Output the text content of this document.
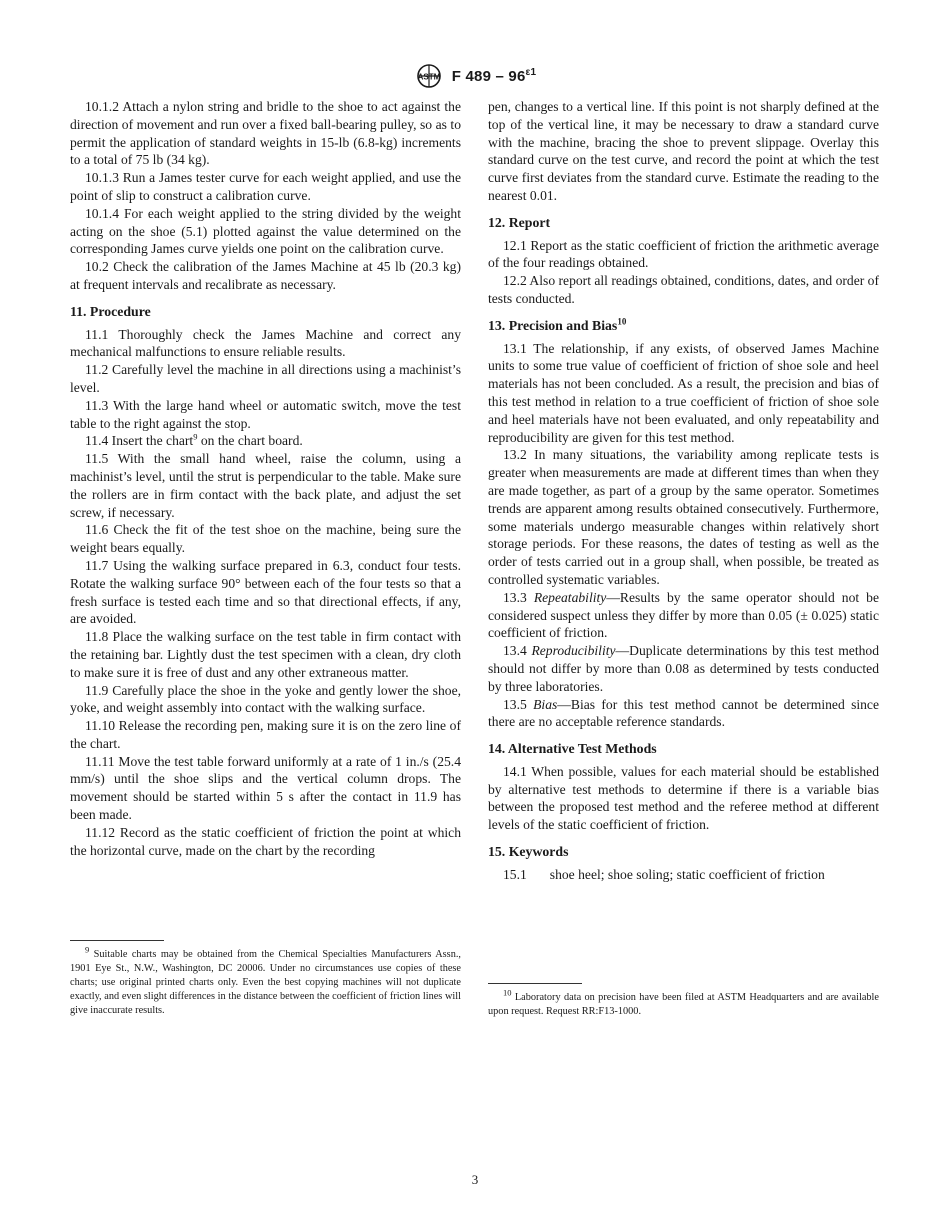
ASTM F $489 - 96^{\varepsilon 1}$

10.1.2 Attach a nylon string and bridle to the shoe to act against the direction of movement and run over a fixed ball-bearing pulley, so as to permit the application of standard weights in 15-lb (6.8-kg) increments to a total of 75 lb (34 kg).

10.1.3 Run a James tester curve for each weight applied, and use the point of slip to construct a calibration curve.

10.1.4 For each weight applied to the string divided by the weight acting on the shoe (5.1) plotted against the value determined on the corresponding James curve yields one point on the calibration curve.

10.2 Check the calibration of the James Machine at 45 lb (20.3 kg) at frequent intervals and recalibrate as necessary.

11. Procedure

11.1 Thoroughly check the James Machine and correct any mechanical malfunctions to ensure reliable results.

11.2 Carefully level the machine in all directions using a machinist’s level.

11.3 With the large hand wheel or automatic switch, move the test table to the right against the stop.

11.4 Insert the chart$^9$ on the chart board.

11.5 With the small hand wheel, raise the column, using a machinist’s level, until the strut is perpendicular to the table. Make sure the rollers are in firm contact with the back plate, and adjust the set screw, if necessary.

11.6 Check the fit of the test shoe on the machine, being sure the weight bears equally.

11.7 Using the walking surface prepared in 6.3, conduct four tests. Rotate the walking surface 90° between each of the four tests so that a fresh surface is tested each time and so that directional effects, if any, are avoided.

11.8 Place the walking surface on the test table in firm contact with the retaining bar. Lightly dust the test specimen with a clean, dry cloth to make sure it is free of dust and any other extraneous matter.

11.9 Carefully place the shoe in the yoke and gently lower the shoe, yoke, and weight assembly into contact with the walking surface.

11.10 Release the recording pen, making sure it is on the zero line of the chart.

11.11 Move the test table forward uniformly at a rate of 1 in./s (25.4 mm/s) until the shoe slips and the vertical column drops. The movement should be started within 5 s after the contact in 11.9 has been made.

11.12 Record as the static coefficient of friction the point at which the horizontal curve, made on the chart by the recording

pen, changes to a vertical line. If this point is not sharply defined at the top of the vertical line, it may be necessary to draw a standard curve with the machine, bracing the shoe to prevent slippage. Overlay this standard curve on the test curve, and record the point at which the test curve first deviates from the standard curve. Estimate the reading to the nearest 0.01.

12. Report

12.1 Report as the static coefficient of friction the arithmetic average of the four readings obtained.

12.2 Also report all readings obtained, conditions, dates, and order of tests conducted.

13. Precision and Bias$^{10}$

13.1 The relationship, if any exists, of observed James Machine units to some true value of coefficient of friction of shoe sole and heel materials has not been concluded. As a result, the precision and bias of this test method in relation to a true coefficient of friction of shoe sole and heel materials have not been evaluated, and only repeatability and reproducibility are given for this test method.

13.2 In many situations, the variability among replicate tests is greater when measurements are made at different times than when they are made together, as part of a group by the same operator. Sometimes trends are apparent among results obtained consecutively. Furthermore, some materials undergo measurable changes within relatively short storage periods. For these reasons, the dates of testing as well as the order of tests carried out in a group shall, when possible, be treated as controlled systematic variables.

13.3 Repeatability—Results by the same operator should not be considered suspect unless they differ by more than 0.05 (± 0.025) static coefficient of friction.

13.4 Reproducibility—Duplicate determinations by this test method should not differ by more than 0.08 as determined by tests conducted by three laboratories.

13.5 Bias—Bias for this test method cannot be determined since there are no acceptable reference standards.

14. Alternative Test Methods

14.1 When possible, values for each material should be established by alternative test methods to determine if there is a variable bias between the proposed test method and the referee method at different levels of the static coefficient of friction.

15. Keywords

15.1 shoe heel; shoe soling; static coefficient of friction

$^9$ Suitable charts may be obtained from the Chemical Specialties Manufacturers Assn., 1901 Eye St., N.W., Washington, DC 20006. Under no circumstances use copies of these charts; use original printed charts only. Even the best copying machines will not duplicate exactly, and even slight differences in the distance between the coefficient of friction lines will give inaccurate results.

$^{10}$ Laboratory data on precision have been filed at ASTM Headquarters and are available upon request. Request RR:F13-1000.

3
